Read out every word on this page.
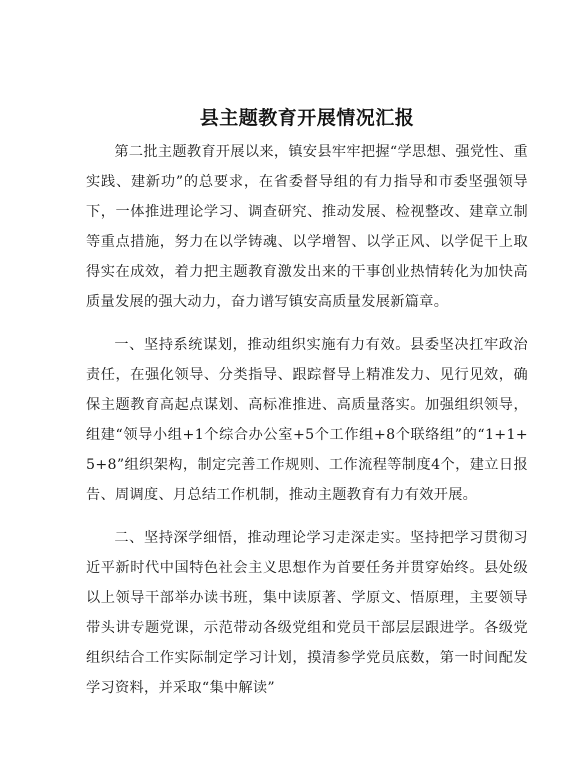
县主题教育开展情况汇报

第二批主题教育开展以来，镇安县牢牢把握“学思想、强党性、重实践、建新功”的总要求，在省委督导组的有力指导和市委坚强领导下，一体推进理论学习、调查研究、推动发展、检视整改、建章立制等重点措施，努力在以学铸魂、以学增智、以学正风、以学促干上取得实在成效，着力把主题教育激发出来的干事创业热情转化为加快高质量发展的强大动力，奋力谱写镇安高质量发展新篇章。

一、坚持系统谋划，推动组织实施有力有效。县委坚决扛牢政治责任，在强化领导、分类指导、跟踪督导上精准发力、见行见效，确保主题教育高起点谋划、高标准推进、高质量落实。加强组织领导，组建“领导小组+1个综合办公室+5个工作组+8个联络组”的“1+1+5+8”组织架构，制定完善工作规则、工作流程等制度4个，建立日报告、周调度、月总结工作机制，推动主题教育有力有效开展。

二、坚持深学细悟，推动理论学习走深走实。坚持把学习贯彻习近平新时代中国特色社会主义思想作为首要任务并贯穿始终。县处级以上领导干部举办读书班，集中读原著、学原文、悟原理，主要领导带头讲专题党课，示范带动各级党组和党员干部层层跟进学。各级党组织结合工作实际制定学习计划，摸清参学党员底数，第一时间配发学习资料，并采取“集中解读”
